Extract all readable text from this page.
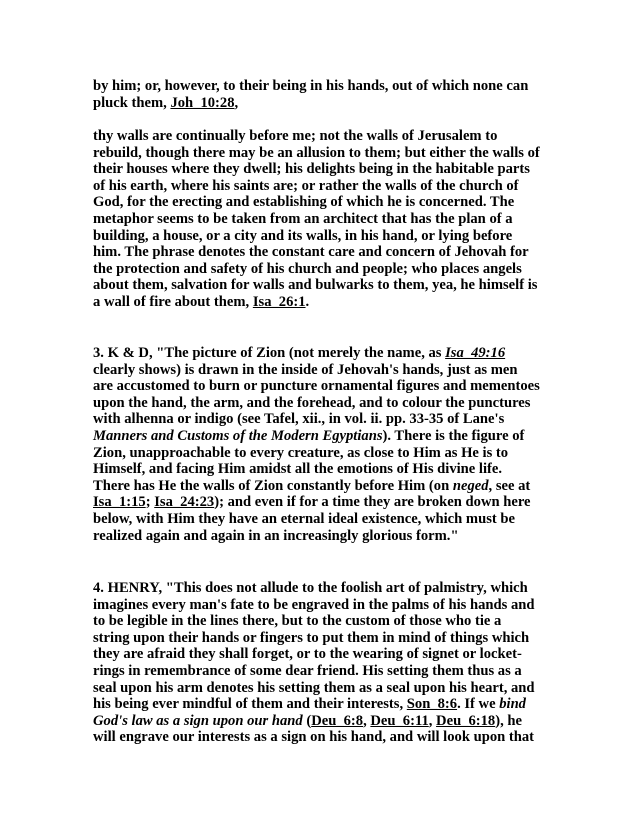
by him; or, however, to their being in his hands, out of which none can
pluck them, Joh_10:28,
thy walls are continually before me; not the walls of Jerusalem to
rebuild, though there may be an allusion to them; but either the walls of
their houses where they dwell; his delights being in the habitable parts
of his earth, where his saints are; or rather the walls of the church of
God, for the erecting and establishing of which he is concerned. The
metaphor seems to be taken from an architect that has the plan of a
building, a house, or a city and its walls, in his hand, or lying before
him. The phrase denotes the constant care and concern of Jehovah for
the protection and safety of his church and people; who places angels
about them, salvation for walls and bulwarks to them, yea, he himself is
a wall of fire about them, Isa_26:1.
3. K & D, "The picture of Zion (not merely the name, as Isa_49:16
clearly shows) is drawn in the inside of Jehovah's hands, just as men
are accustomed to burn or puncture ornamental figures and mementoes
upon the hand, the arm, and the forehead, and to colour the punctures
with alhenna or indigo (see Tafel, xii., in vol. ii. pp. 33-35 of Lane's
Manners and Customs of the Modern Egyptians). There is the figure of
Zion, unapproachable to every creature, as close to Him as He is to
Himself, and facing Him amidst all the emotions of His divine life.
There has He the walls of Zion constantly before Him (on neged, see at
Isa_1:15; Isa_24:23); and even if for a time they are broken down here
below, with Him they have an eternal ideal existence, which must be
realized again and again in an increasingly glorious form."
4. HENRY, "This does not allude to the foolish art of palmistry, which
imagines every man's fate to be engraved in the palms of his hands and
to be legible in the lines there, but to the custom of those who tie a
string upon their hands or fingers to put them in mind of things which
they are afraid they shall forget, or to the wearing of signet or locket-
rings in remembrance of some dear friend. His setting them thus as a
seal upon his arm denotes his setting them as a seal upon his heart, and
his being ever mindful of them and their interests, Son_8:6. If we bind
God's law as a sign upon our hand (Deu_6:8, Deu_6:11, Deu_6:18), he
will engrave our interests as a sign on his hand, and will look upon that
